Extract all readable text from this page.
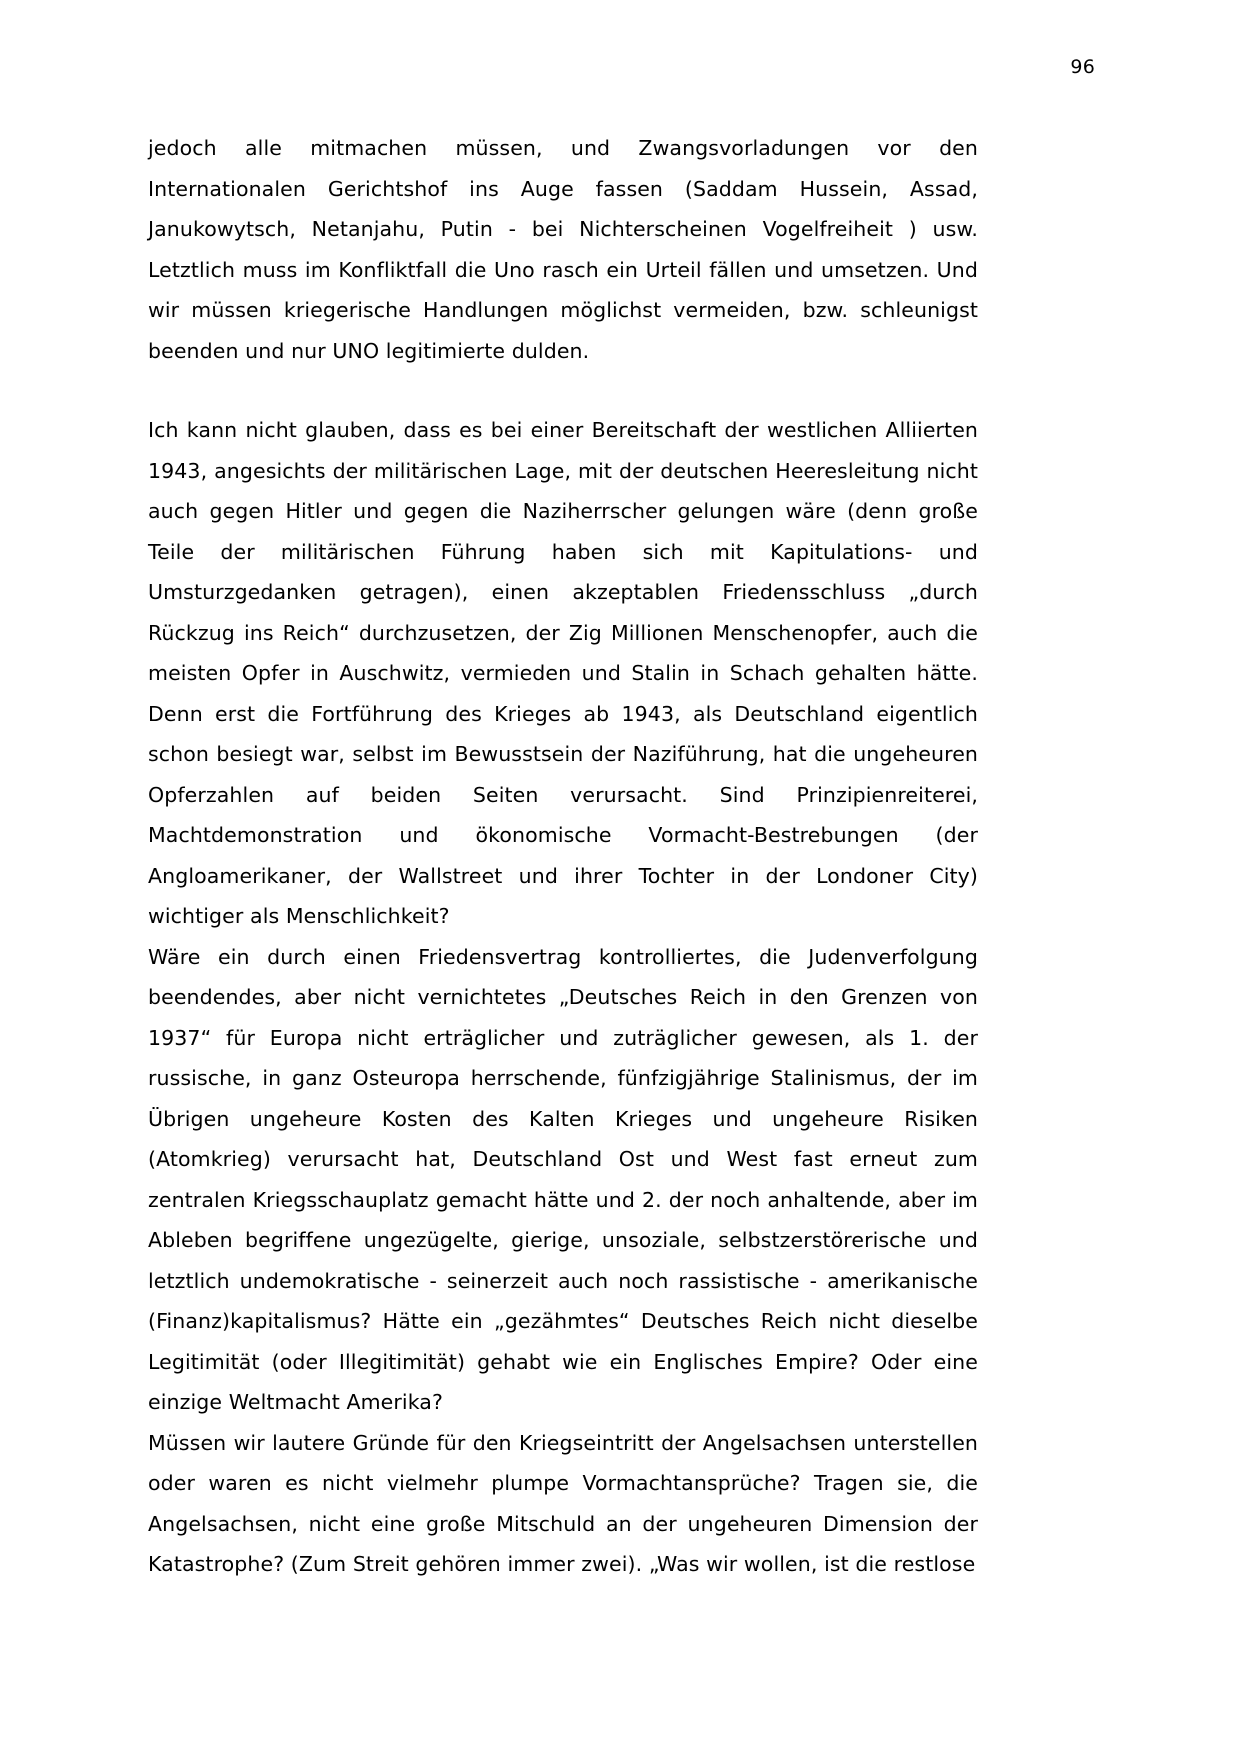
96

jedoch alle mitmachen müssen, und Zwangsvorladungen vor den Internationalen Gerichtshof ins Auge fassen (Saddam Hussein, Assad, Janukowytsch, Netanjahu, Putin - bei Nichterscheinen Vogelfreiheit ) usw. Letztlich muss im Konfliktfall die Uno rasch ein Urteil fällen und umsetzen. Und wir müssen kriegerische Handlungen möglichst vermeiden, bzw. schleunigst beenden und nur UNO legitimierte dulden.

Ich kann nicht glauben, dass es bei einer Bereitschaft der westlichen Alliierten 1943, angesichts der militärischen Lage, mit der deutschen Heeresleitung nicht auch gegen Hitler und gegen die Naziherrscher gelungen wäre (denn große Teile der militärischen Führung haben sich mit Kapitulations- und Umsturzgedanken getragen), einen akzeptablen Friedensschluss „durch Rückzug ins Reich“ durchzusetzen, der Zig Millionen Menschenopfer, auch die meisten Opfer in Auschwitz, vermieden und Stalin in Schach gehalten hätte. Denn erst die Fortführung des Krieges ab 1943, als Deutschland eigentlich schon besiegt war, selbst im Bewusstsein der Naziführung, hat die ungeheuren Opferzahlen auf beiden Seiten verursacht. Sind Prinzipienreiterei, Machtdemonstration und ökonomische Vormacht-Bestrebungen (der Angloamerikaner, der Wallstreet und ihrer Tochter in der Londoner City) wichtiger als Menschlichkeit?

Wäre ein durch einen Friedensvertrag kontrolliertes, die Judenverfolgung beendendes, aber nicht vernichtetes „Deutsches Reich in den Grenzen von 1937“ für Europa nicht erträglicher und zuträglicher gewesen, als 1. der russische, in ganz Osteuropa herrschende, fünfzigjährige Stalinismus, der im Übrigen ungeheure Kosten des Kalten Krieges und ungeheure Risiken (Atomkrieg) verursacht hat, Deutschland Ost und West fast erneut zum zentralen Kriegsschauplatz gemacht hätte und 2. der noch anhaltende, aber im Ableben begriffene ungezügelte, gierige, unsoziale, selbstzerstörerische und letztlich undemokratische - seinerzeit auch noch rassistische - amerikanische (Finanz)kapitalismus? Hätte ein „gezähmtes“ Deutsches Reich nicht dieselbe Legitimität (oder Illegitimität) gehabt wie ein Englisches Empire? Oder eine einzige Weltmacht Amerika?

Müssen wir lautere Gründe für den Kriegseintritt der Angelsachsen unterstellen oder waren es nicht vielmehr plumpe Vormachtansprüche? Tragen sie, die Angelsachsen, nicht eine große Mitschuld an der ungeheuren Dimension der Katastrophe? (Zum Streit gehören immer zwei). „Was wir wollen, ist die restlose
